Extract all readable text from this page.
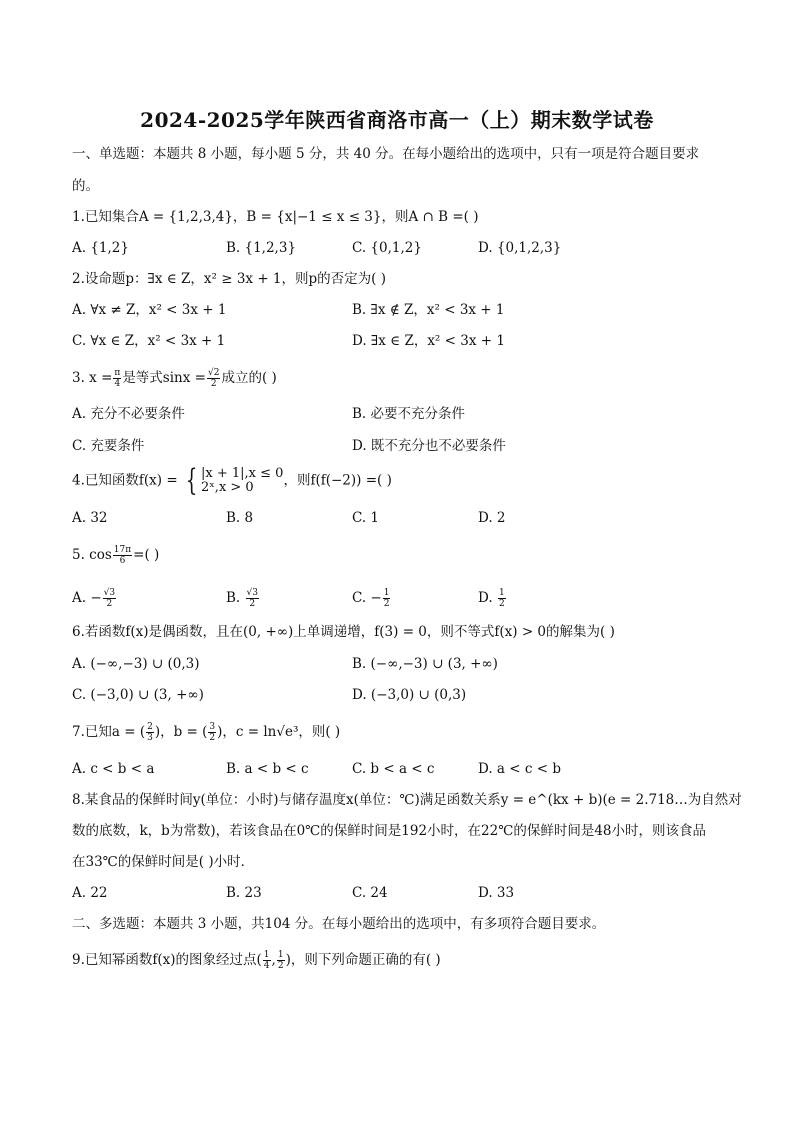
2024-2025学年陕西省商洛市高一（上）期末数学试卷
一、单选题：本题共 8 小题，每小题 5 分，共 40 分。在每小题给出的选项中，只有一项是符合题目要求
的。
1.已知集合A = {1,2,3,4}，B = {x|−1 ≤ x ≤ 3}，则A ∩ B =( )
A. {1,2}	B. {1,2,3}	C. {0,1,2}	D. {0,1,2,3}
2.设命题p：∃x ∈ Z，x² ≥ 3x + 1，则p的否定为( )
A. ∀x ≠ Z，x² < 3x + 1	B. ∃x ∉ Z，x² < 3x + 1
C. ∀x ∈ Z，x² < 3x + 1	D. ∃x ∈ Z，x² < 3x + 1
3. $x = \frac{\pi}{4}$ 是等式$\sin x = \frac{√2}{2}$ 成立的( )
A. 充分不必要条件	B. 必要不充分条件
C. 充要条件	D. 既不充分也不必要条件
4.已知函数f(x) = { |x + 1|,x ≤ 0
2ˣ,x > 0	，则f(f(−2)) =( )
A. 32	B. 8	C. 1	D. 2
5. $\cos \frac{17\pi}{6}$ =( )
A. − $\frac{√3}{2}$	B. $\frac{√3}{2}$	C. − $\frac{1}{2}$	D. $\frac{1}{2}$
6.若函数f(x)是偶函数，且在(0, +∞)上单调递增，f(3) = 0，则不等式f(x) > 0的解集为( )
A. (−∞,−3) ∪ (0,3)	B. (−∞,−3) ∪ (3, +∞)
C. (−3,0) ∪ (3, +∞)	D. (−3,0) ∪ (0,3)
7.已知a = ( $\frac{2}{3}$ )，b = ( $\frac{3}{2}$ )，c = ln√e³，则( )
A. c < b < a	B. a < b < c	C. b < a < c	D. a < c < b
8.某食品的保鲜时间y(单位：小时)与储存温度x(单位：℃)满足函数关系y = e^(kx + b)(e = 2.718…为自然对
数的底数，k，b为常数)，若该食品在0℃的保鲜时间是192小时，在22℃的保鲜时间是48小时，则该食品
在33℃的保鲜时间是( )小时．
A. 22	B. 23	C. 24	D. 33
二、多选题：本题共 3 小题，共104 分。在每小题给出的选项中，有多项符合题目要求。
9.已知幂函数f(x)的图象经过点( $\frac{1}{4}$ , $\frac{1}{2}$ )，则下列命题正确的有( )
